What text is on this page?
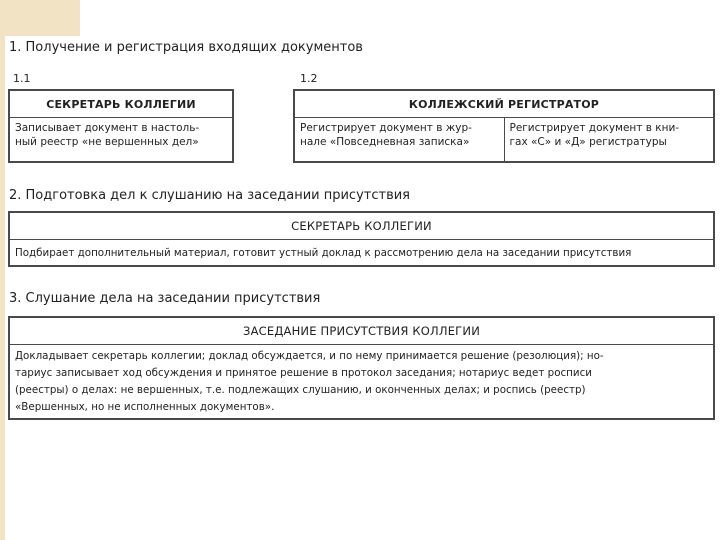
1. Получение и регистрация входящих документов
1.1
СЕКРЕТАРЬ КОЛЛЕГИИ
Записывает документ в настоль-
ный реестр «не вершенных дел»
1.2
КОЛЛЕЖСКИЙ РЕГИСТРАТОР
Регистрирует документ в жур-
нале «Повседневная записка»
Регистрирует документ в кни-
гах «С» и «Д» регистратуры
2. Подготовка дел к слушанию на заседании присутствия
СЕКРЕТАРЬ КОЛЛЕГИИ
Подбирает дополнительный материал, готовит устный доклад к рассмотрению дела на заседании присутствия
3. Слушание дела на заседании присутствия
ЗАСЕДАНИЕ ПРИСУТСТВИЯ КОЛЛЕГИИ
Докладывает секретарь коллегии; доклад обсуждается, и по нему принимается решение (резолюция); но-
тариус записывает ход обсуждения и принятое решение в протокол заседания; нотариус ведет росписи
(реестры) о делах: не вершенных, т.е. подлежащих слушанию, и оконченных делах; и роспись (реестр)
«Вершенных, но не исполненных документов».
